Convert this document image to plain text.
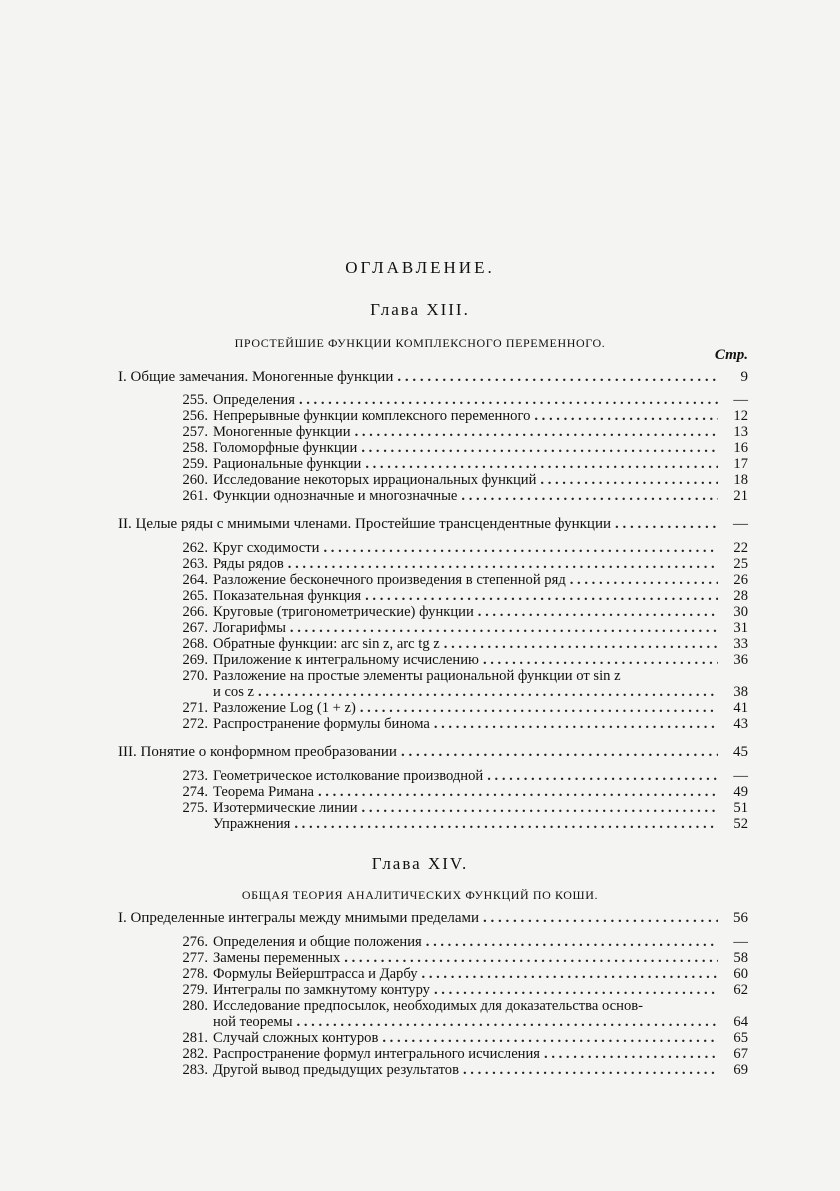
ОГЛАВЛЕНИЕ.
Глава XIII.
ПРОСТЕЙШИЕ ФУНКЦИИ КОМПЛЕКСНОГО ПЕРЕМЕННОГО.
Стр.
I. Общие замечания. Моногенные функции . . .	9
255. Определения . . .	—
256. Непрерывные функции комплексного переменного . . .	12
257. Моногенные функции . . .	13
258. Голоморфные функции . . .	16
259. Рациональные функции . . .	17
260. Исследование некоторых иррациональных функций . . .	18
261. Функции однозначные и многозначные . . .	21
II. Целые ряды с мнимыми членами. Простейшие трансцендентные функции . . .	—
262. Круг сходимости . . .	22
263. Ряды рядов . . .	25
264. Разложение бесконечного произведения в степенной ряд . . .	26
265. Показательная функция . . .	28
266. Круговые (тригонометрические) функции . . .	30
267. Логарифмы . . .	31
268. Обратные функции: arc sin z, arc tg z . . .	33
269. Приложение к интегральному исчислению . . .	36
270. Разложение на простые элементы рациональной функции от sin z
и cos z . . .	38
271. Разложение Log (1 + z) . . .	41
272. Распространение формулы бинома . . .	43
III. Понятие о конформном преобразовании . . .	45
273. Геометрическое истолкование производной . . .	—
274. Теорема Римана . . .	49
275. Изотермические линии . . .	51
Упражнения . . .	52
Глава XIV.
ОБЩАЯ ТЕОРИЯ АНАЛИТИЧЕСКИХ ФУНКЦИЙ ПО КОШИ.
I. Определенные интегралы между мнимыми пределами . . .	56
276. Определения и общие положения . . .	—
277. Замены переменных . . .	58
278. Формулы Вейерштрасса и Дарбу . . .	60
279. Интегралы по замкнутому контуру . . .	62
280. Исследование предпосылок, необходимых для доказательства основ-
ной теоремы . . .	64
281. Случай сложных контуров . . .	65
282. Распространение формул интегрального исчисления . . .	67
283. Другой вывод предыдущих результатов . . .	69
